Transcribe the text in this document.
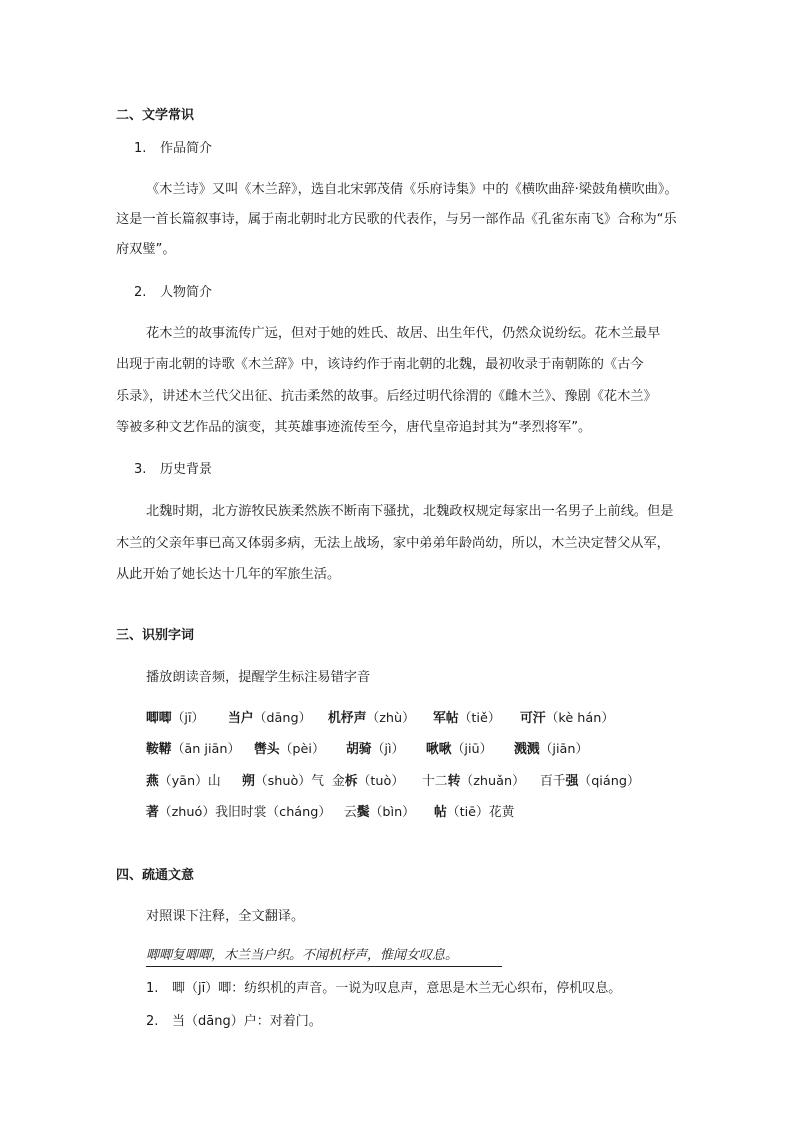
二、文学常识
1. 作品简介
《木兰诗》又叫《木兰辞》，选自北宋郭茂倩《乐府诗集》中的《横吹曲辞·梁鼓角横吹曲》。
这是一首长篇叙事诗，属于南北朝时北方民歌的代表作，与另一部作品《孔雀东南飞》合称为“乐
府双璧”。
2. 人物简介
花木兰的故事流传广远，但对于她的姓氏、故居、出生年代，仍然众说纷纭。花木兰最早
出现于南北朝的诗歌《木兰辞》中，该诗约作于南北朝的北魏，最初收录于南朝陈的《古今
乐录》，讲述木兰代父出征、抗击柔然的故事。后经过明代徐渭的《雌木兰》、豫剧《花木兰》
等被多种文艺作品的演变，其英雄事迹流传至今，唐代皇帝追封其为“孝烈将军”。
3. 历史背景
北魏时期，北方游牧民族柔然族不断南下骚扰，北魏政权规定每家出一名男子上前线。但是
木兰的父亲年事已高又体弱多病，无法上战场，家中弟弟年龄尚幼，所以，木兰决定替父从军，
从此开始了她长达十几年的军旅生活。
三、识别字词
播放朗读音频，提醒学生标注易错字音
唧唧（jī） 当户（dāng） 机杼声（zhù） 军帖（tiě） 可汗（kè hán）
鞍鞯（ān jiān） 辔头（pèi） 胡骑（jì） 啾啾（jiū） 溅溅（jiān）
燕（yān）山 朔（shuò）气 金柝（tuò） 十二转（zhuǎn） 百千强（qiáng）
著（zhuó）我旧时裳（cháng） 云鬓（bìn） 帖（tiē）花黄
四、疏通文意
对照课下注释，全文翻译。
唧唧复唧唧，木兰当户织。不闻机杼声，惟闻女叹息。
1. 唧（jī）唧：纺织机的声音。一说为叹息声，意思是木兰无心织布，停机叹息。
2. 当（dāng）户：对着门。
